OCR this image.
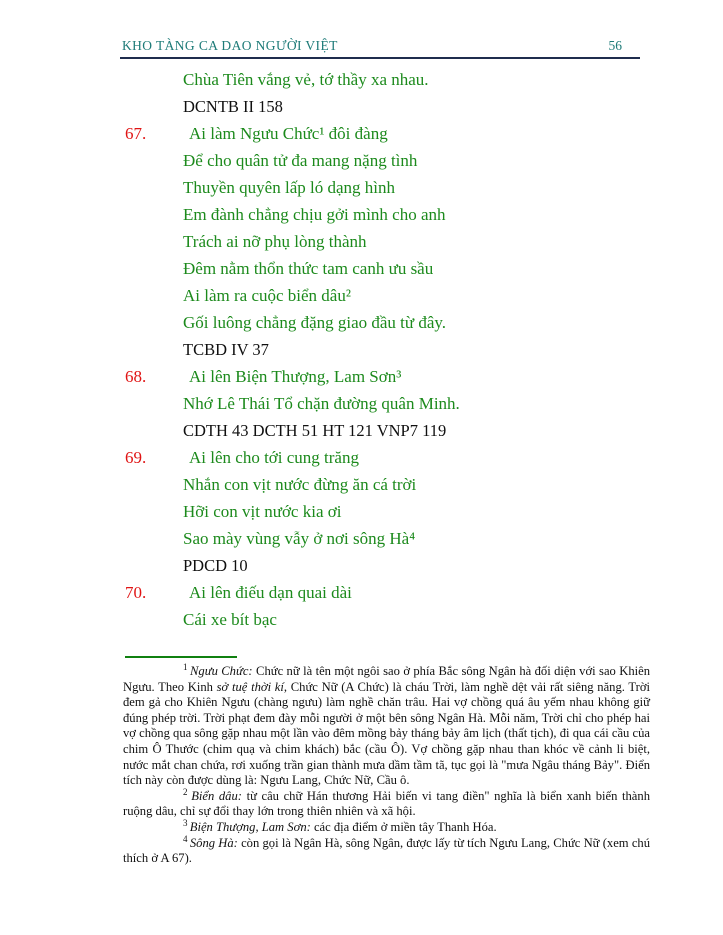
KHO TÀNG CA DAO NGƯỜI VIỆT	56
Chùa Tiên vắng vẻ, tớ thầy xa nhau.
DCNTB II 158
67.	Ai làm Ngưu Chức¹ đôi đàng
Để cho quân tử đa mang nặng tình
Thuyền quyên lấp ló dạng hình
Em đành chẳng chịu gởi mình cho anh
Trách ai nỡ phụ lòng thành
Đêm nằm thổn thức tam canh ưu sầu
Ai làm ra cuộc biển dâu²
Gối luông chẳng đặng giao đầu từ đây.
TCBD IV 37
68.	Ai lên Biện Thượng, Lam Sơn³
Nhớ Lê Thái Tổ chặn đường quân Minh.
CDTH 43 DCTH 51 HT 121 VNP7 119
69.	Ai lên cho tới cung trăng
Nhắn con vịt nước đừng ăn cá trời
Hỡi con vịt nước kia ơi
Sao mày vùng vẫy ở nơi sông Hà⁴
PDCD 10
70.	Ai lên điếu dạn quai dài
Cái xe bít bạc

$^1$ Ngưu Chức: Chức nữ là tên một ngôi sao ở phía Bắc sông Ngân hà đối diện với sao Khiên Ngưu. Theo Kinh sở tuệ thời kí, Chức Nữ (A Chức) là cháu Trời, làm nghề dệt vải rất siêng năng. Trời đem gả cho Khiên Ngưu (chàng ngưu) làm nghề chăn trâu. Hai vợ chồng quá âu yếm nhau không giữ đúng phép trời. Trời phạt đem đày mỗi người ở một bên sông Ngân Hà. Mỗi năm, Trời chỉ cho phép hai vợ chồng qua sông gặp nhau một lần vào đêm mồng bảy tháng bảy âm lịch (thất tịch), đi qua cái cầu của chim Ô Thước (chim quạ và chim khách) bắc (cầu Ô). Vợ chồng gặp nhau than khóc về cảnh li biệt, nước mắt chan chứa, rơi xuống trần gian thành mưa dầm tầm tã, tục gọi là "mưa Ngâu tháng Bảy". Điển tích này còn được dùng là: Ngưu Lang, Chức Nữ, Cầu ô.

$^2$ Biển dâu: từ câu chữ Hán thương Hải biến vi tang điền" nghĩa là biển xanh biến thành ruộng dâu, chỉ sự đổi thay lớn trong thiên nhiên và xã hội.

$^3$ Biện Thượng, Lam Sơn: các địa điểm ở miền tây Thanh Hóa.

$^4$ Sông Hà: còn gọi là Ngân Hà, sông Ngân, được lấy từ tích Ngưu Lang, Chức Nữ (xem chú thích ở A 67).
